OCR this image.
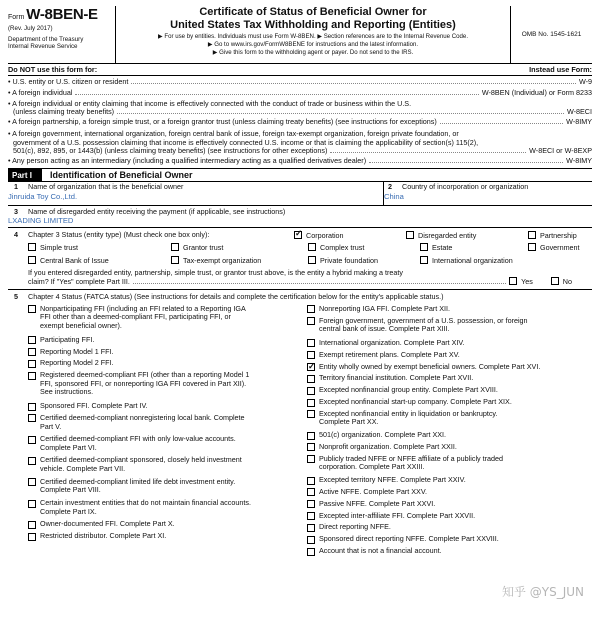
Form W-8BEN-E
(Rev. July 2017)
Department of the Treasury
Internal Revenue Service
Certificate of Status of Beneficial Owner for
United States Tax Withholding and Reporting (Entities)
▶ For use by entities. Individuals must use Form W-8BEN. ▶ Section references are to the Internal Revenue Code.
▶ Go to www.irs.gov/FormW8BENE for instructions and the latest information.
▶ Give this form to the withholding agent or payer. Do not send to the IRS.
OMB No. 1545-1621
Do NOT use this form for:	Instead use Form:
• U.S. entity or U.S. citizen or resident	W-9
• A foreign individual	W-8BEN (Individual) or Form 8233
• A foreign individual or entity claiming that income is effectively connected with the conduct of trade or business within the U.S.
(unless claiming treaty benefits)	W-8ECI
• A foreign partnership, a foreign simple trust, or a foreign grantor trust (unless claiming treaty benefits) (see instructions for exceptions)	W-8IMY
• A foreign government, international organization, foreign central bank of issue, foreign tax-exempt organization, foreign private foundation, or
government of a U.S. possession claiming that income is effectively connected U.S. income or that is claiming the applicability of section(s) 115(2),
501(c), 892, 895, or 1443(b) (unless claiming treaty benefits) (see instructions for other exceptions)	W-8ECI or W-8EXP
• Any person acting as an intermediary (including a qualified intermediary acting as a qualified derivatives dealer)	W-8IMY
Part I	Identification of Beneficial Owner
1 Name of organization that is the beneficial owner
Jinruida Toy Co.,Ltd.
2 Country of incorporation or organization
China
3 Name of disregarded entity receiving the payment (if applicable, see instructions)
LXADING LIMITED
4 Chapter 3 Status (entity type) (Must check one box only):
✓	Corporation	Disregarded entity	Partnership
Simple trust	Grantor trust	Complex trust	Estate	Government
Central Bank of Issue	Tax-exempt organization	Private foundation	International organization
If you entered disregarded entity, partnership, simple trust, or grantor trust above, is the entity a hybrid making a treaty
claim? If "Yes" complete Part III.	Yes	No
5 Chapter 4 Status (FATCA status) (See instructions for details and complete the certification below for the entity's applicable status.)
Nonparticipating FFI (including an FFI related to a Reporting IGA
FFI other than a deemed-compliant FFI, participating FFI, or
exempt beneficial owner).
Participating FFI.
Reporting Model 1 FFI.
Reporting Model 2 FFI.
Registered deemed-compliant FFI (other than a reporting Model 1
FFI, sponsored FFI, or nonreporting IGA FFI covered in Part XII).
See instructions.
Sponsored FFI. Complete Part IV.
Certified deemed-compliant nonregistering local bank. Complete
Part V.
Certified deemed-compliant FFI with only low-value accounts.
Complete Part VI.
Certified deemed-compliant sponsored, closely held investment
vehicle. Complete Part VII.
Certified deemed-compliant limited life debt investment entity.
Complete Part VIII.
Certain investment entities that do not maintain financial accounts.
Complete Part IX.
Owner-documented FFI. Complete Part X.
Restricted distributor. Complete Part XI.
Nonreporting IGA FFI. Complete Part XII.
Foreign government, government of a U.S. possession, or foreign
central bank of issue. Complete Part XIII.
International organization. Complete Part XIV.
Exempt retirement plans. Complete Part XV.
✓
Entity wholly owned by exempt beneficial owners. Complete Part XVI.
Territory financial institution. Complete Part XVII.
Excepted nonfinancial group entity. Complete Part XVIII.
Excepted nonfinancial start-up company. Complete Part XIX.
Excepted nonfinancial entity in liquidation or bankruptcy.
Complete Part XX.
501(c) organization. Complete Part XXI.
Nonprofit organization. Complete Part XXII.
Publicly traded NFFE or NFFE affiliate of a publicly traded
corporation. Complete Part XXIII.
Excepted territory NFFE. Complete Part XXIV.
Active NFFE. Complete Part XXV.
Passive NFFE. Complete Part XXVI.
Excepted inter-affiliate FFI. Complete Part XXVII.
Direct reporting NFFE.
Sponsored direct reporting NFFE. Complete Part XXVIII.
Account that is not a financial account.
知乎 @YS_JUN
